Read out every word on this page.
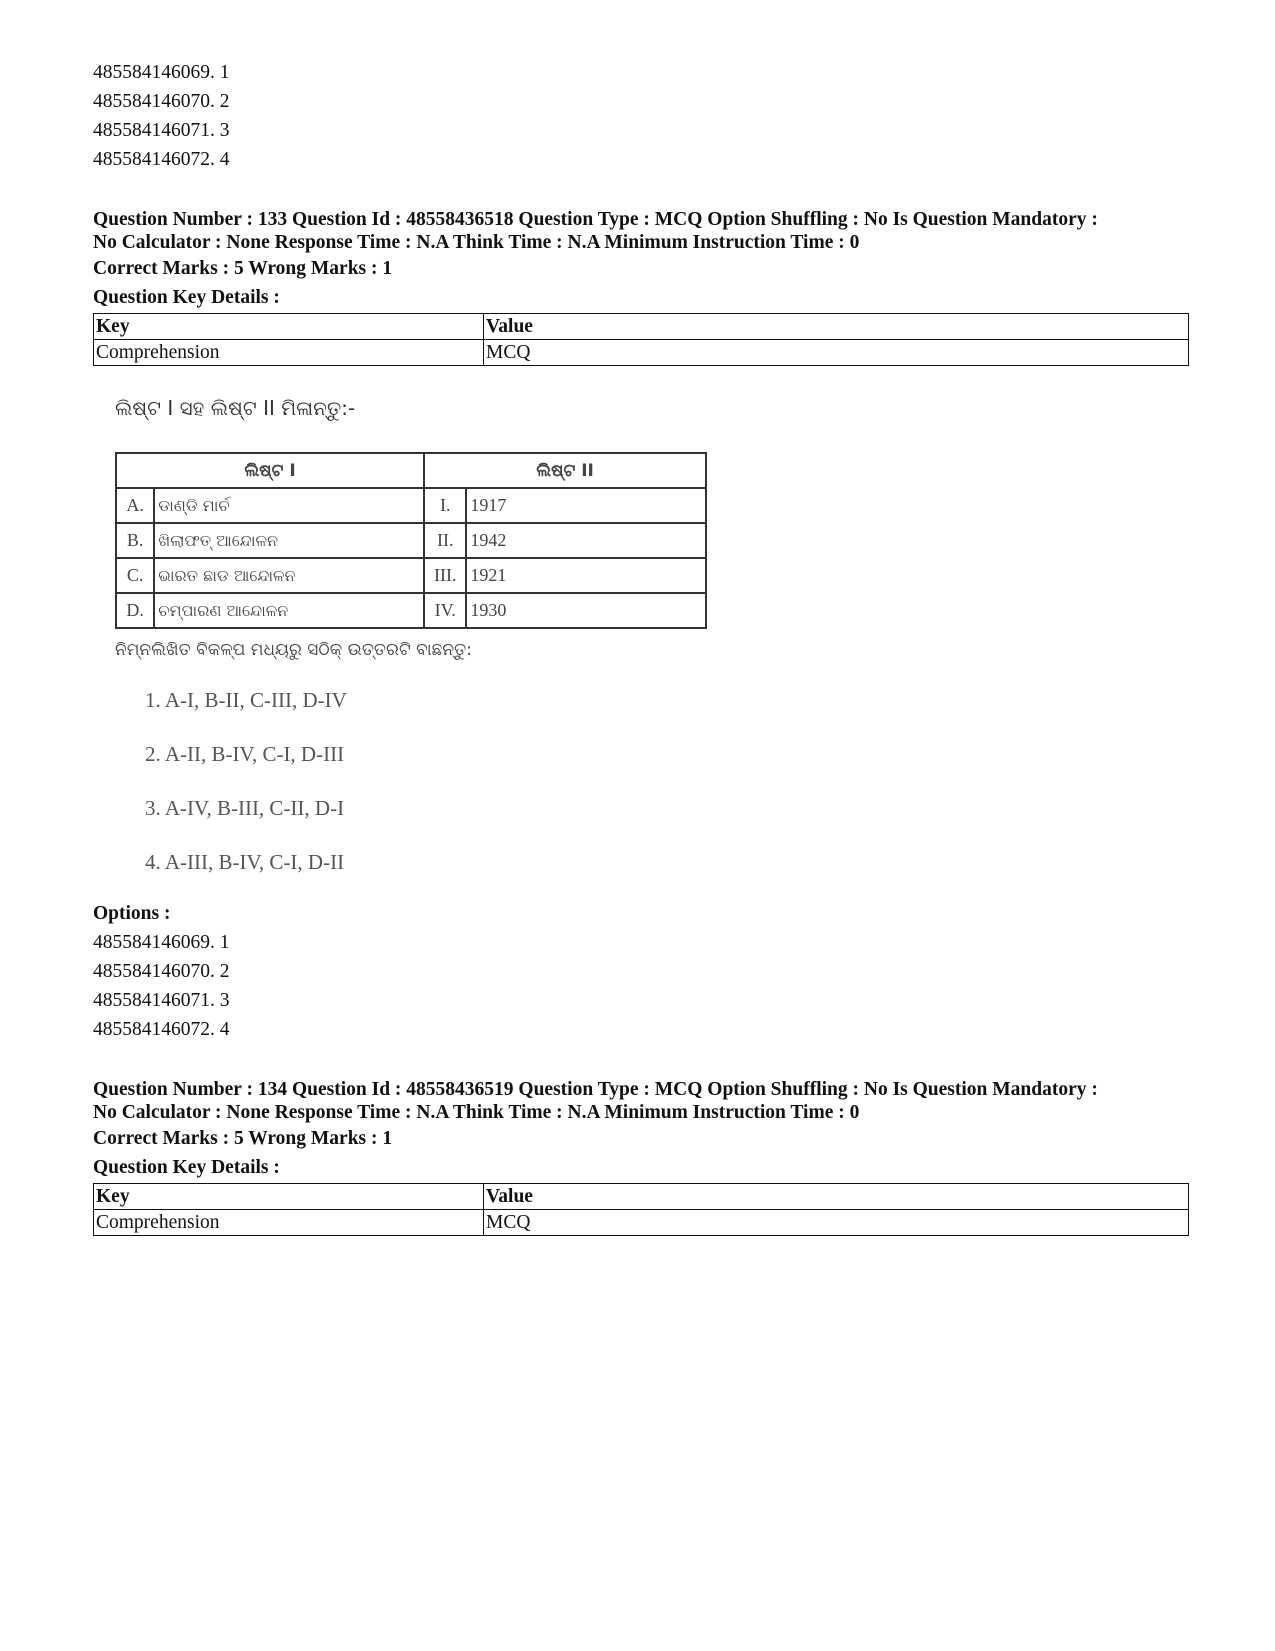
485584146069. 1
485584146070. 2
485584146071. 3
485584146072. 4
Question Number : 133 Question Id : 48558436518 Question Type : MCQ Option Shuffling : No Is Question Mandatory :
No Calculator : None Response Time : N.A Think Time : N.A Minimum Instruction Time : 0
Correct Marks : 5 Wrong Marks : 1
Question Key Details :
Key	Value
Comprehension	MCQ
ଲିଷ୍ଟ I ସହ ଲିଷ୍ଟ II ମିଳାନ୍ତୁ:-
ଲିଷ୍ଟ I		ଲିଷ୍ଟ II	
A.	ଡାଣ୍ଡି ମାର୍ଚ	I.	1917
B.	ଖିଲାଫତ୍ ଆନ୍ଦୋଳନ	II.	1942
C.	ଭାରତ ଛାଡ ଆନ୍ଦୋଳନ	III.	1921
D.	ଚମ୍ପାରଣ ଆନ୍ଦୋଳନ	IV.	1930
ନିମ୍ନଲିଖିତ ବିକଳ୍ପ ମଧ୍ୟରୁ ସଠିକ୍ ଉତ୍ତରଟି ବାଛନ୍ତୁ:
1. A-I, B-II, C-III, D-IV
2. A-II, B-IV, C-I, D-III
3. A-IV, B-III, C-II, D-I
4. A-III, B-IV, C-I, D-II
Options :
485584146069. 1
485584146070. 2
485584146071. 3
485584146072. 4
Question Number : 134 Question Id : 48558436519 Question Type : MCQ Option Shuffling : No Is Question Mandatory :
No Calculator : None Response Time : N.A Think Time : N.A Minimum Instruction Time : 0
Correct Marks : 5 Wrong Marks : 1
Question Key Details :
Key	Value
Comprehension	MCQ
